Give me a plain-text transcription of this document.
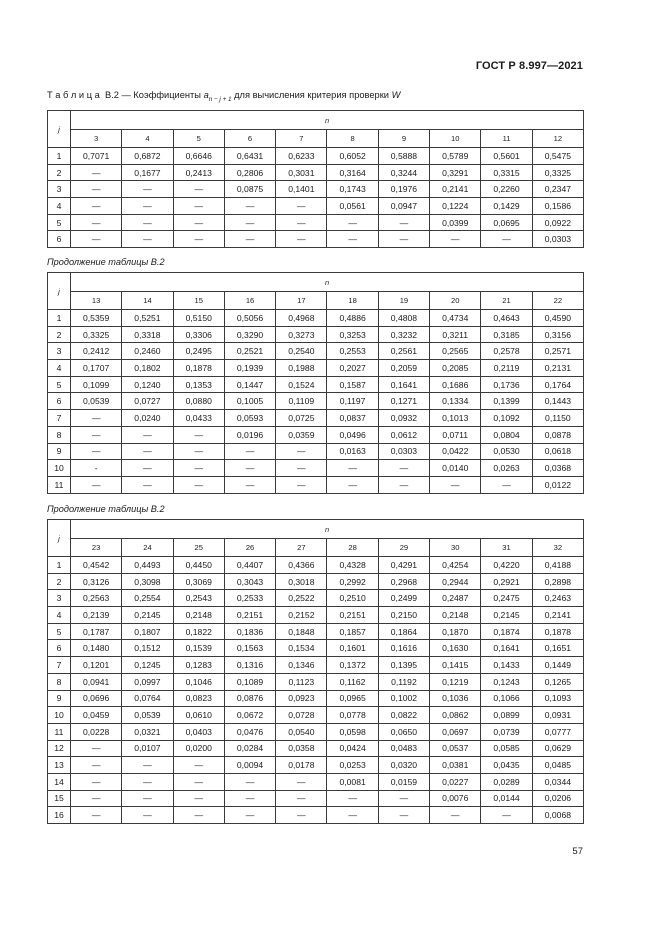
ГОСТ Р 8.997—2021
Т а б л и ц а В.2 — Коэффициенты $a_{n - j + 1}$ для вычисления критерия проверки W
j	n									
	3	4	5	6	7	8	9	10	11	12
1	0,7071	0,6872	0,6646	0,6431	0,6233	0,6052	0,5888	0,5789	0,5601	0,5475
2	—	0,1677	0,2413	0,2806	0,3031	0,3164	0,3244	0,3291	0,3315	0,3325
3	—	—	—	0,0875	0,1401	0,1743	0,1976	0,2141	0,2260	0,2347
4	—	—	—	—	—	0,0561	0,0947	0,1224	0,1429	0,1586
5	—	—	—	—	—	—	—	0,0399	0,0695	0,0922
6	—	—	—	—	—	—	—	—	—	0,0303
Продолжение таблицы В.2
j	n									
	13	14	15	16	17	18	19	20	21	22
1	0,5359	0,5251	0,5150	0,5056	0,4968	0,4886	0,4808	0,4734	0,4643	0,4590
2	0,3325	0,3318	0,3306	0,3290	0,3273	0,3253	0,3232	0,3211	0,3185	0,3156
3	0,2412	0,2460	0,2495	0,2521	0,2540	0,2553	0,2561	0,2565	0,2578	0,2571
4	0,1707	0,1802	0,1878	0,1939	0,1988	0,2027	0,2059	0,2085	0,2119	0,2131
5	0,1099	0,1240	0,1353	0,1447	0,1524	0,1587	0,1641	0,1686	0,1736	0,1764
6	0,0539	0,0727	0,0880	0,1005	0,1109	0,1197	0,1271	0,1334	0,1399	0,1443
7	—	0,0240	0,0433	0,0593	0,0725	0,0837	0,0932	0,1013	0,1092	0,1150
8	—	—	—	0,0196	0,0359	0,0496	0,0612	0,0711	0,0804	0,0878
9	—	—	—	—	—	0,0163	0,0303	0,0422	0,0530	0,0618
10	-	—	—	—	—	—	—	0,0140	0,0263	0,0368
11	—	—	—	—	—	—	—	—	—	0,0122
Продолжение таблицы В.2
j	n									
	23	24	25	26	27	28	29	30	31	32
1	0,4542	0,4493	0,4450	0,4407	0,4366	0,4328	0,4291	0,4254	0,4220	0,4188
2	0,3126	0,3098	0,3069	0,3043	0,3018	0,2992	0,2968	0,2944	0,2921	0,2898
3	0,2563	0,2554	0,2543	0,2533	0,2522	0,2510	0,2499	0,2487	0,2475	0,2463
4	0,2139	0,2145	0,2148	0,2151	0,2152	0,2151	0,2150	0,2148	0,2145	0,2141
5	0,1787	0,1807	0,1822	0,1836	0,1848	0,1857	0,1864	0,1870	0,1874	0,1878
6	0,1480	0,1512	0,1539	0,1563	0,1534	0,1601	0,1616	0,1630	0,1641	0,1651
7	0,1201	0,1245	0,1283	0,1316	0,1346	0,1372	0,1395	0,1415	0,1433	0,1449
8	0,0941	0,0997	0,1046	0,1089	0,1123	0,1162	0,1192	0,1219	0,1243	0,1265
9	0,0696	0,0764	0,0823	0,0876	0,0923	0,0965	0,1002	0,1036	0,1066	0,1093
10	0,0459	0,0539	0,0610	0,0672	0,0728	0,0778	0,0822	0,0862	0,0899	0,0931
11	0,0228	0,0321	0,0403	0,0476	0,0540	0,0598	0,0650	0,0697	0,0739	0,0777
12	—	0,0107	0,0200	0,0284	0,0358	0,0424	0,0483	0,0537	0,0585	0,0629
13	—	—	—	0,0094	0,0178	0,0253	0,0320	0,0381	0,0435	0,0485
14	—	—	—	—	—	0,0081	0,0159	0,0227	0,0289	0,0344
15	—	—	—	—	—	—	—	0,0076	0,0144	0,0206
16	—	—	—	—	—	—	—	—	—	0,0068
57
